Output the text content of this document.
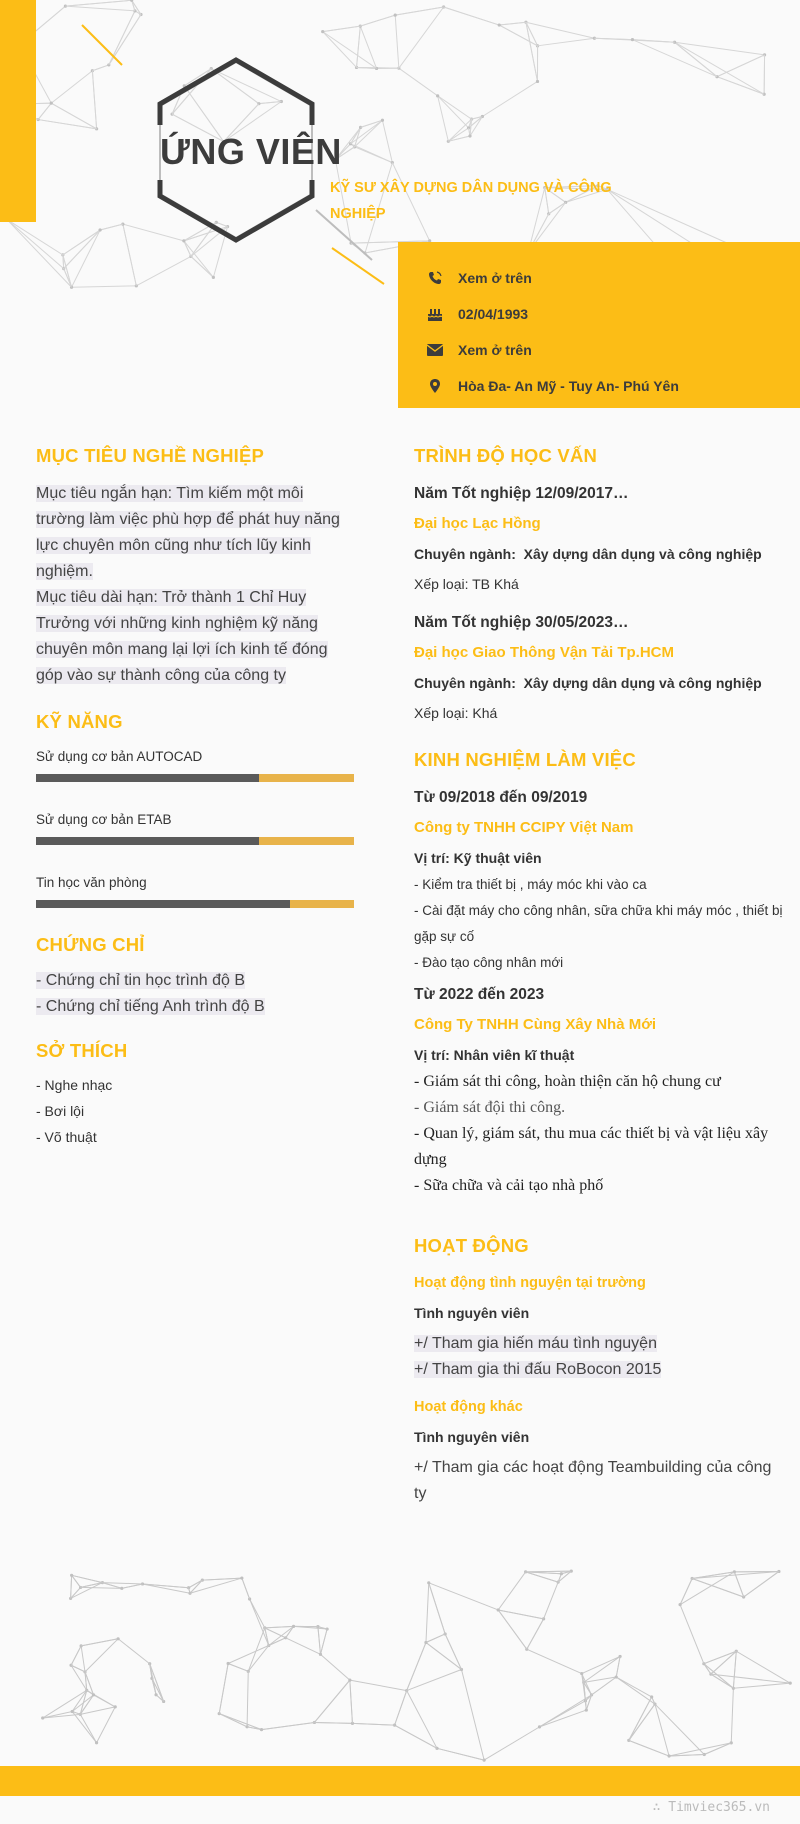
ỨNG VIÊN
KỸ SƯ XÂY DỰNG DÂN DỤNG VÀ CÔNG NGHIỆP
Xem ở trên
02/04/1993
Xem ở trên
Hòa Đa- An Mỹ - Tuy An- Phú Yên
MỤC TIÊU NGHỀ NGHIỆP
Mục tiêu ngắn hạn: Tìm kiếm một môi trường làm việc phù hợp để phát huy năng lực chuyên môn cũng như tích lũy kinh nghiệm.
Mục tiêu dài hạn: Trở thành 1 Chỉ Huy Trưởng với những kinh nghiệm kỹ năng chuyên môn mang lại lợi ích kinh tế đóng góp vào sự thành công của công ty
KỸ NĂNG
Sử dụng cơ bản AUTOCAD
Sử dụng cơ bản ETAB
Tin học văn phòng
CHỨNG CHỈ
- Chứng chỉ tin học trình độ B
- Chứng chỉ tiếng Anh trình độ B
SỞ THÍCH
- Nghe nhạc
- Bơi lội
- Võ thuật
TRÌNH ĐỘ HỌC VẤN
Năm Tốt nghiệp 12/09/2017…
Đại học Lạc Hồng
Chuyên ngành: Xây dựng dân dụng và công nghiệp
Xếp loại: TB Khá
Năm Tốt nghiệp 30/05/2023…
Đại học Giao Thông Vận Tải Tp.HCM
Chuyên ngành: Xây dựng dân dụng và công nghiệp
Xếp loại: Khá
KINH NGHIỆM LÀM VIỆC
Từ 09/2018 đến 09/2019
Công ty TNHH CCIPY Việt Nam
Vị trí: Kỹ thuật viên
- Kiểm tra thiết bị , máy móc khi vào ca
- Cài đặt máy cho công nhân, sữa chữa khi máy móc , thiết bị gặp sự cố
- Đào tạo công nhân mới
Từ 2022 đến 2023
Công Ty TNHH Cùng Xây Nhà Mới
Vị trí: Nhân viên kĩ thuật
- Giám sát thi công, hoàn thiện căn hộ chung cư
- Giám sát đội thi công.
- Quan lý, giám sát, thu mua các thiết bị và vật liệu xây dựng
- Sữa chữa và cải tạo nhà phố
HOẠT ĐỘNG
Hoạt động tình nguyện tại trường
Tình nguyên viên
+/ Tham gia hiến máu tình nguyện
+/ Tham gia thi đấu RoBocon 2015
Hoạt động khác
Tình nguyên viên
+/ Tham gia các hoạt động Teambuilding của công ty
∴ Timviec365.vn
